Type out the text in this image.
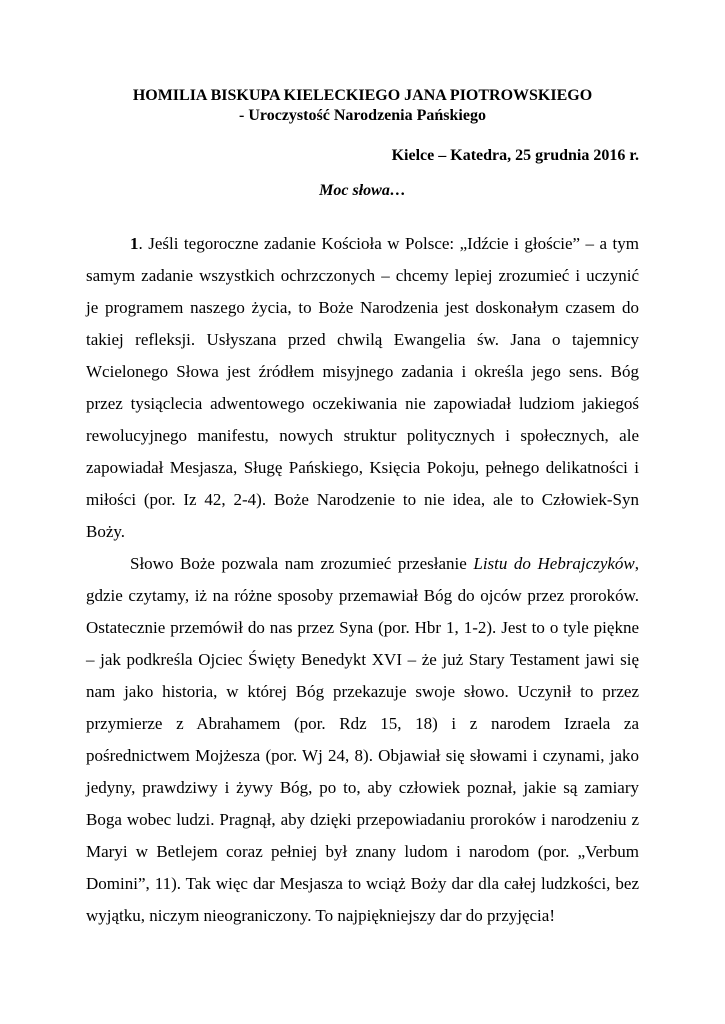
HOMILIA BISKUPA KIELECKIEGO JANA PIOTROWSKIEGO
- Uroczystość Narodzenia Pańskiego
Kielce – Katedra, 25 grudnia 2016 r.
Moc słowa…

1. Jeśli tegoroczne zadanie Kościoła w Polsce: „Idźcie i głoście” – a tym samym zadanie wszystkich ochrzczonych – chcemy lepiej zrozumieć i uczynić je programem naszego życia, to Boże Narodzenia jest doskonałym czasem do takiej refleksji. Usłyszana przed chwilą Ewangelia św. Jana o tajemnicy Wcielonego Słowa jest źródłem misyjnego zadania i określa jego sens. Bóg przez tysiąclecia adwentowego oczekiwania nie zapowiadał ludziom jakiegoś rewolucyjnego manifestu, nowych struktur politycznych i społecznych, ale zapowiadał Mesjasza, Sługę Pańskiego, Księcia Pokoju, pełnego delikatności i miłości (por. Iz 42, 2-4). Boże Narodzenie to nie idea, ale to Człowiek-Syn Boży.

Słowo Boże pozwala nam zrozumieć przesłanie Listu do Hebrajczyków, gdzie czytamy, iż na różne sposoby przemawiał Bóg do ojców przez proroków. Ostatecznie przemówił do nas przez Syna (por. Hbr 1, 1-2). Jest to o tyle piękne – jak podkreśla Ojciec Święty Benedykt XVI – że już Stary Testament jawi się nam jako historia, w której Bóg przekazuje swoje słowo. Uczynił to przez przymierze z Abrahamem (por. Rdz 15, 18) i z narodem Izraela za pośrednictwem Mojżesza (por. Wj 24, 8). Objawiał się słowami i czynami, jako jedyny, prawdziwy i żywy Bóg, po to, aby człowiek poznał, jakie są zamiary Boga wobec ludzi. Pragnął, aby dzięki przepowiadaniu proroków i narodzeniu z Maryi w Betlejem coraz pełniej był znany ludom i narodom (por. „Verbum Domini”, 11). Tak więc dar Mesjasza to wciąż Boży dar dla całej ludzkości, bez wyjątku, niczym nieograniczony. To najpiękniejszy dar do przyjęcia!
